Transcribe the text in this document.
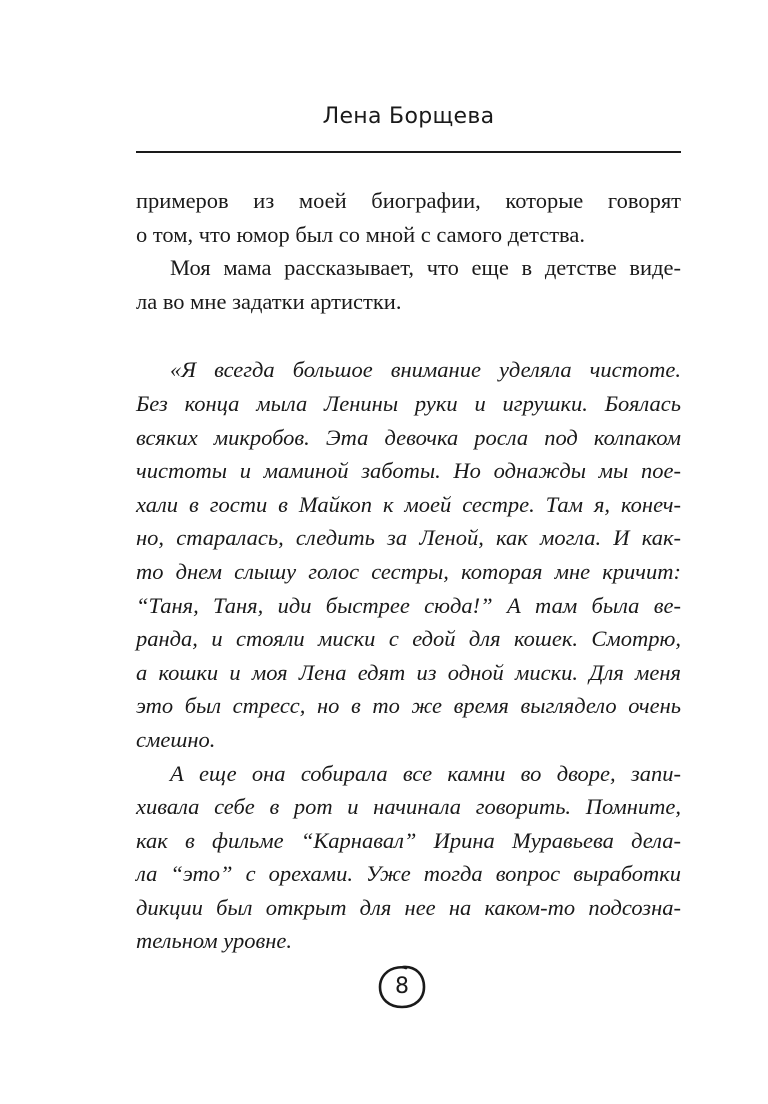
Лена Борщева
примеров из моей биографии, которые говорят
о том, что юмор был со мной с самого детства.
Моя мама рассказывает, что еще в детстве виде-
ла во мне задатки артистки.
«Я всегда большое внимание уделяла чистоте.
Без конца мыла Ленины руки и игрушки. Боялась
всяких микробов. Эта девочка росла под колпаком
чистоты и маминой заботы. Но однажды мы пое-
хали в гости в Майкоп к моей сестре. Там я, конеч-
но, старалась, следить за Леной, как могла. И как-
то днем слышу голос сестры, которая мне кричит:
“Таня, Таня, иди быстрее сюда!” А там была ве-
ранда, и стояли миски с едой для кошек. Смотрю,
а кошки и моя Лена едят из одной миски. Для меня
это был стресс, но в то же время выглядело очень
смешно.
А еще она собирала все камни во дворе, запи-
хивала себе в рот и начинала говорить. Помните,
как в фильме “Карнавал” Ирина Муравьева дела-
ла “это” с орехами. Уже тогда вопрос выработки
дикции был открыт для нее на каком-то подсозна-
тельном уровне.
8
